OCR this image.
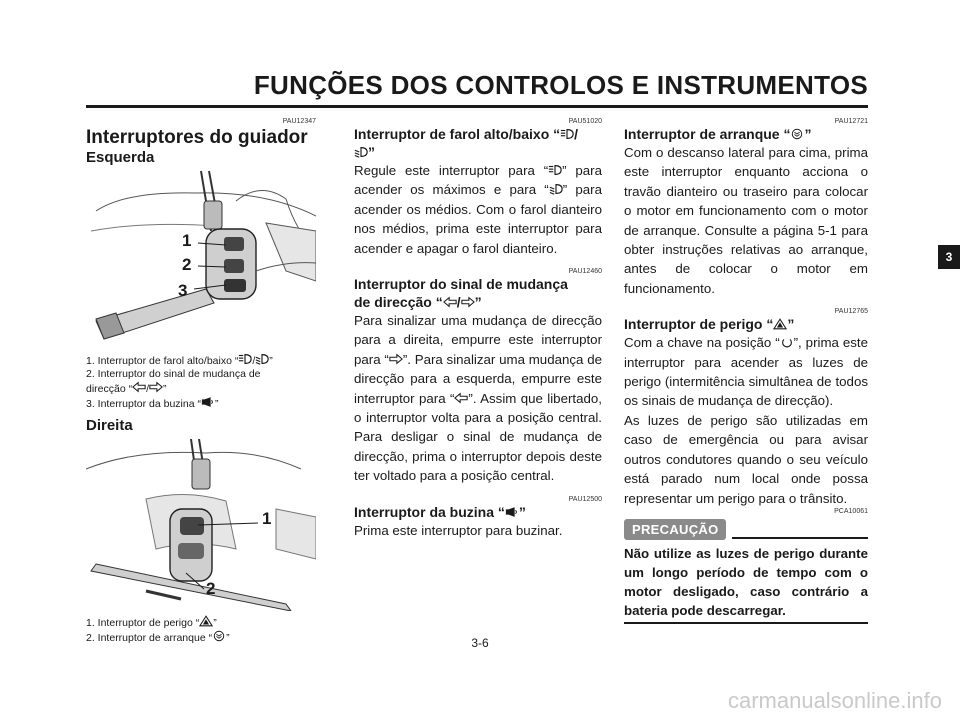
FUNÇÕES DOS CONTROLOS E INSTRUMENTOS
PAU12347
Interruptores do guiador
Esquerda
1
2
3

1. Interruptor de farol alto/baixo “ / ”

2. Interruptor do sinal de mudança de

direcção “ / ”

3. Interruptor da buzina “ ”

Direita
1
2

1. Interruptor de perigo “ ”

2. Interruptor de arranque “ ”

PAU51020
Interruptor de farol alto/baixo “ /
”

Regule este interruptor para “ ” para acender os máximos e para “ ” para acender os médios. Com o farol dianteiro nos médios, prima este interruptor para acender e apagar o farol dianteiro.

PAU12460
Interruptor do sinal de mudança
de direcção “ / ”

Para sinalizar uma mudança de direcção para a direita, empurre este interruptor para “ ”. Para sinalizar uma mudança de direcção para a esquerda, empurre este interruptor para “ ”. Assim que libertado, o interruptor volta para a posição central. Para desligar o sinal de mudança de direcção, prima o interruptor depois deste ter voltado para a posição central.

PAU12500
Interruptor da buzina “ ”

Prima este interruptor para buzinar.

PAU12721
Interruptor de arranque “ ”

Com o descanso lateral para cima, prima este interruptor enquanto acciona o travão dianteiro ou traseiro para colocar o motor em funcionamento com o motor de arranque. Consulte a página 5-1 para obter instruções relativas ao arranque, antes de colocar o motor em funcionamento.

PAU12765
Interruptor de perigo “ ”

Com a chave na posição “ ”, prima este interruptor para acender as luzes de perigo (intermitência simultânea de todos os sinais de mudança de direcção).

As luzes de perigo são utilizadas em caso de emergência ou para avisar outros condutores quando o seu veículo está parado num local onde possa representar um perigo para o trânsito.

PCA10061
PRECAUÇÃO

Não utilize as luzes de perigo durante um longo período de tempo com o motor desligado, caso contrário a bateria pode descarregar.

3
3-6
carmanualsonline.info
